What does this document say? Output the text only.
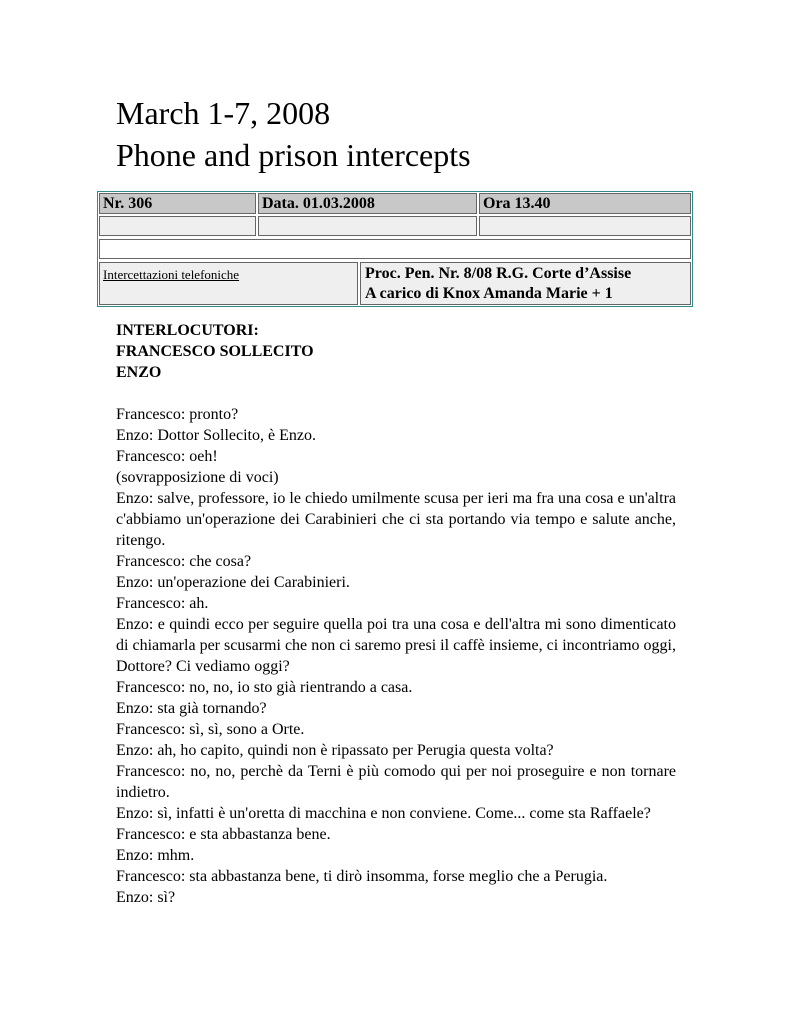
March 1-7, 2008
Phone and prison intercepts
Nr. 306	Data. 01.03.2008	Ora 13.40
Intercettazioni telefoniche	Proc. Pen. Nr. 8/08 R.G. Corte d’Assise
A carico di Knox Amanda Marie + 1
INTERLOCUTORI:
FRANCESCO SOLLECITO
ENZO
Francesco: pronto?
Enzo: Dottor Sollecito, è Enzo.
Francesco: oeh!
(sovrapposizione di voci)
Enzo: salve, professore, io le chiedo umilmente scusa per ieri ma fra una cosa e un'altra c'abbiamo un'operazione dei Carabinieri che ci sta portando via tempo e salute anche, ritengo.
Francesco: che cosa?
Enzo: un'operazione dei Carabinieri.
Francesco: ah.
Enzo: e quindi ecco per seguire quella poi tra una cosa e dell'altra mi sono dimenticato di chiamarla per scusarmi che non ci saremo presi il caffè insieme, ci incontriamo oggi, Dottore? Ci vediamo oggi?
Francesco: no, no, io sto già rientrando a casa.
Enzo: sta già tornando?
Francesco: sì, sì, sono a Orte.
Enzo: ah, ho capito, quindi non è ripassato per Perugia questa volta?
Francesco: no, no, perchè da Terni è più comodo qui per noi proseguire e non tornare indietro.
Enzo: sì, infatti è un'oretta di macchina e non conviene. Come... come sta Raffaele?
Francesco: e sta abbastanza bene.
Enzo: mhm.
Francesco: sta abbastanza bene, ti dirò insomma, forse meglio che a Perugia.
Enzo: sì?
